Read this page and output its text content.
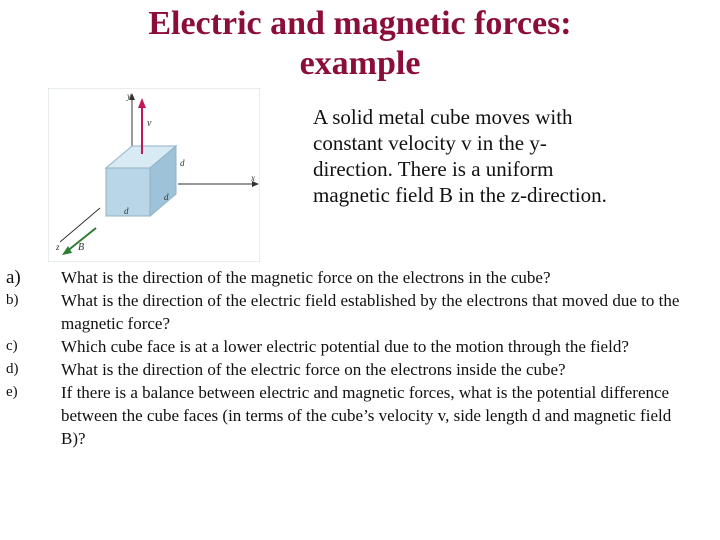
Electric and magnetic forces:
example
y
v
x
z B
d
d
d

A solid metal cube moves with constant velocity v in the y-direction. There is a uniform magnetic field B in the z-direction.

a)	What is the direction of the magnetic force on the electrons in the cube?
b)	What is the direction of the electric field established by the electrons that moved due to the magnetic force?
c)	Which cube face is at a lower electric potential due to the motion through the field?
d)	What is the direction of the electric force on the electrons inside the cube?
e)	If there is a balance between electric and magnetic forces, what is the potential difference between the cube faces (in terms of the cube’s velocity v, side length d and magnetic field B)?
